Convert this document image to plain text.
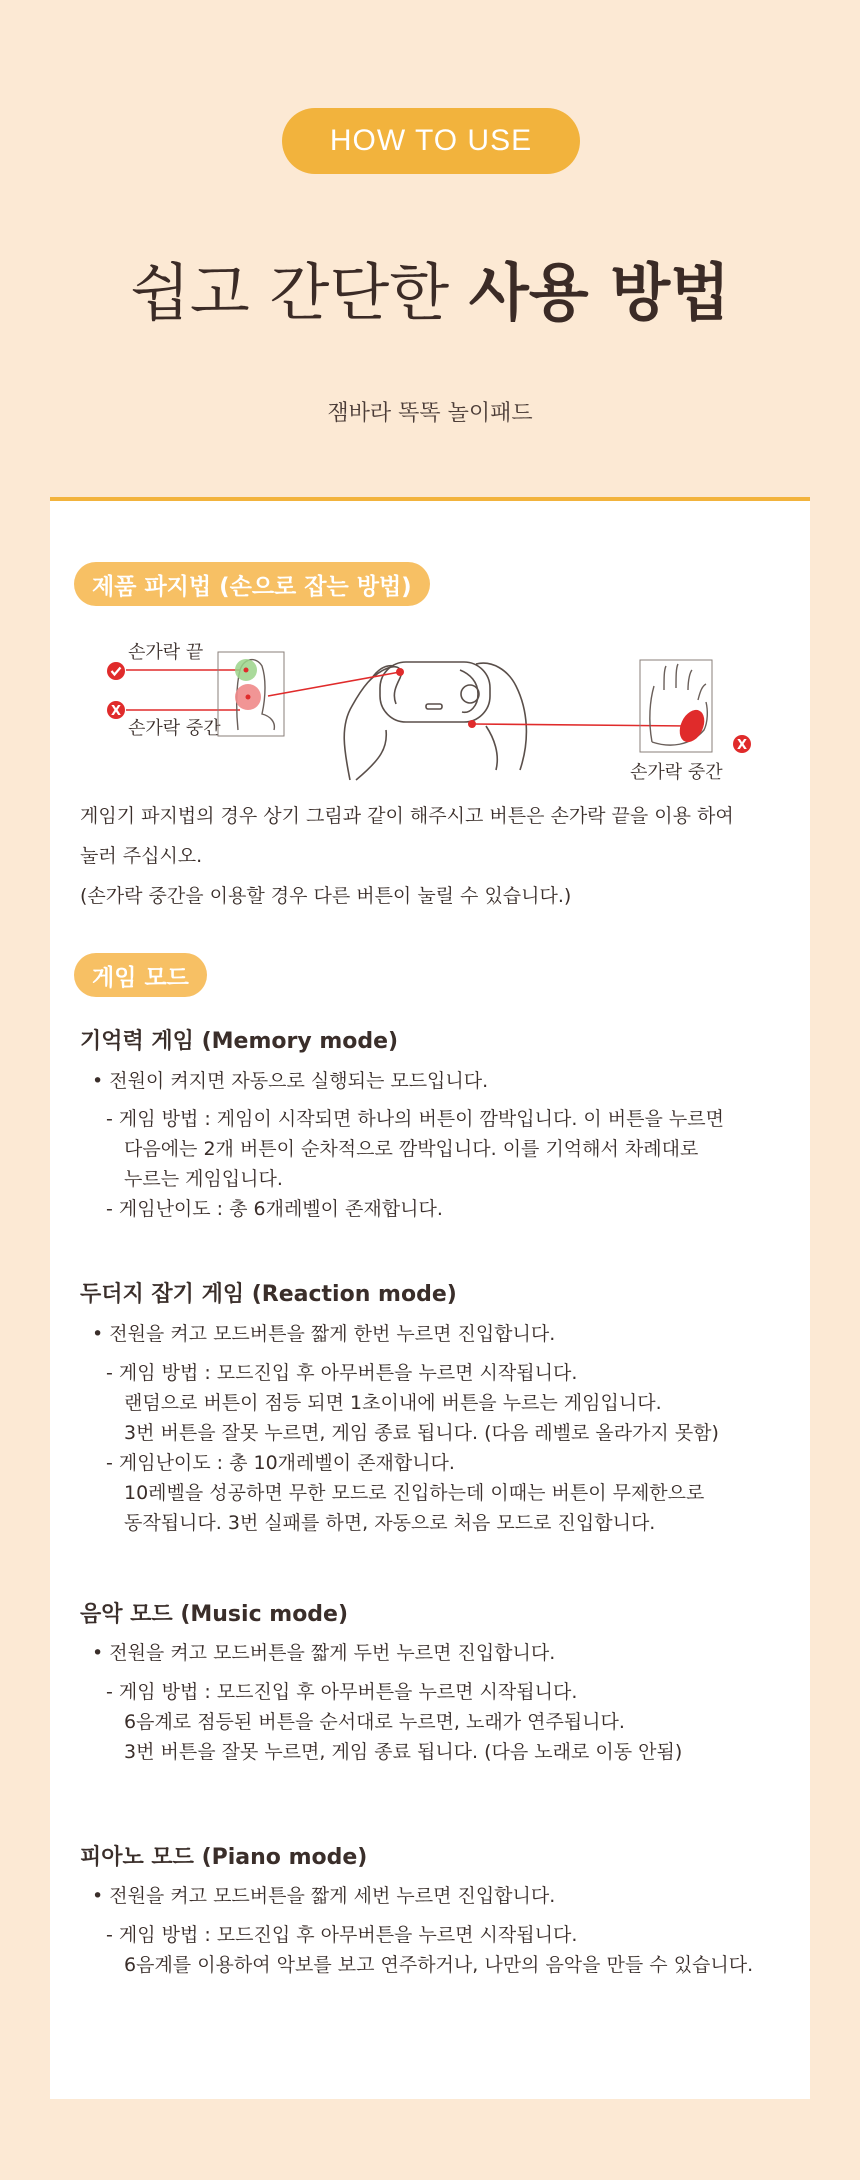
HOW TO USE
쉽고 간단한 사용 방법
잼바라 똑똑 놀이패드
제품 파지법 (손으로 잡는 방법)
손가락 끝
X
손가락 중간
X
손가락 중간
게임기 파지법의 경우 상기 그림과 같이 해주시고 버튼은 손가락 끝을 이용 하여
눌러 주십시오.
(손가락 중간을 이용할 경우 다른 버튼이 눌릴 수 있습니다.)
게임 모드
기억력 게임 (Memory mode)
• 전원이 켜지면 자동으로 실행되는 모드입니다.
- 게임 방법 : 게임이 시작되면 하나의 버튼이 깜박입니다. 이 버튼을 누르면
다음에는 2개 버튼이 순차적으로 깜박입니다. 이를 기억해서 차례대로
누르는 게임입니다.
- 게임난이도 : 총 6개레벨이 존재합니다.
두더지 잡기 게임 (Reaction mode)
• 전원을 켜고 모드버튼을 짧게 한번 누르면 진입합니다.
- 게임 방법 : 모드진입 후 아무버튼을 누르면 시작됩니다.
랜덤으로 버튼이 점등 되면 1초이내에 버튼을 누르는 게임입니다.
3번 버튼을 잘못 누르면, 게임 종료 됩니다. (다음 레벨로 올라가지 못함)
- 게임난이도 : 총 10개레벨이 존재합니다.
10레벨을 성공하면 무한 모드로 진입하는데 이때는 버튼이 무제한으로
동작됩니다. 3번 실패를 하면, 자동으로 처음 모드로 진입합니다.
음악 모드 (Music mode)
• 전원을 켜고 모드버튼을 짧게 두번 누르면 진입합니다.
- 게임 방법 : 모드진입 후 아무버튼을 누르면 시작됩니다.
6음계로 점등된 버튼을 순서대로 누르면, 노래가 연주됩니다.
3번 버튼을 잘못 누르면, 게임 종료 됩니다. (다음 노래로 이동 안됨)
피아노 모드 (Piano mode)
• 전원을 켜고 모드버튼을 짧게 세번 누르면 진입합니다.
- 게임 방법 : 모드진입 후 아무버튼을 누르면 시작됩니다.
6음계를 이용하여 악보를 보고 연주하거나, 나만의 음악을 만들 수 있습니다.
